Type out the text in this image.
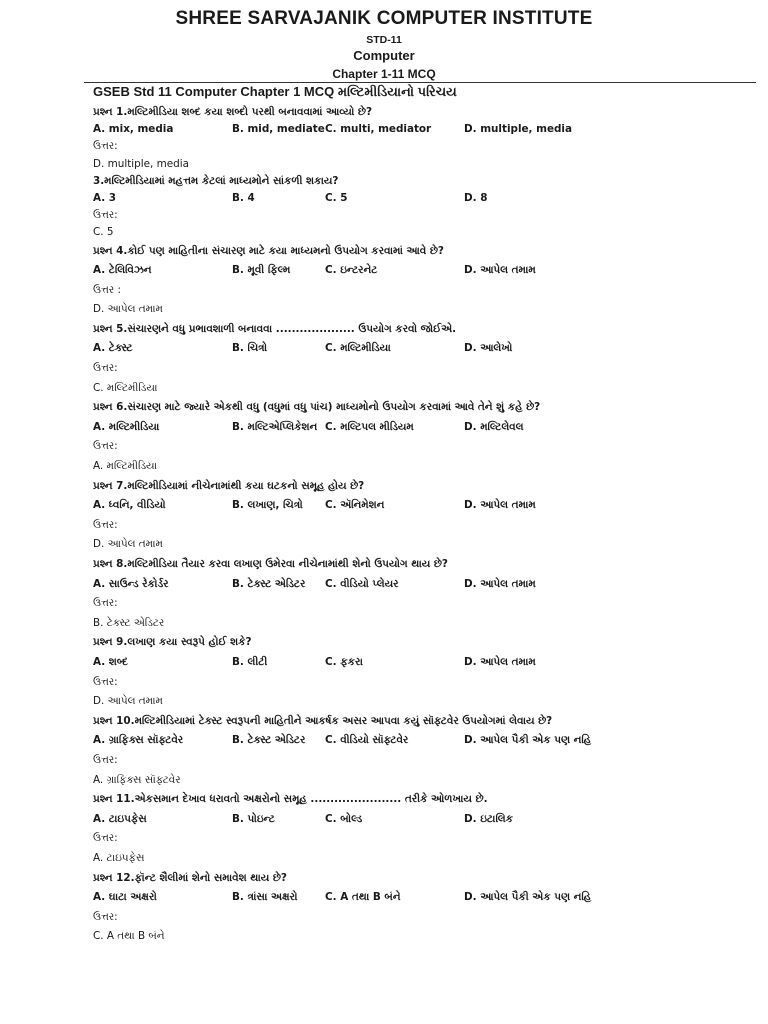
SHREE SARVAJANIK COMPUTER INSTITUTE
STD-11
Computer
Chapter 1-11 MCQ
GSEB Std 11 Computer Chapter 1 MCQ મલ્ટિમીડિયાનો પરિચય
પ્રશ્ન 1.મલ્ટિમીડિયા શબ્દ કયા શબ્દો પરથી બનાવવામાં આવ્યો છે?
A. mix, media	B. mid, mediate C. multi, mediator	D. multiple, media
ઉત્તર:
D. multiple, media
3.મલ્ટિમીડિયામાં મહત્તમ કેટલાં માધ્યમોને સાંકળી શકાય?
A. 3	B. 4	C. 5	D. 8
ઉત્તર:
C. 5
પ્રશ્ન 4.કોઈ પણ માહિતીના સંચારણ માટે કયા માધ્યમનો ઉપયોગ કરવામાં આવે છે?
A. ટેલિવિઝન	B. મૂવી ફિલ્મ	C. ઇન્ટરનેટ	D. આપેલ તમામ
ઉત્તર :
D. આપેલ તમામ
પ્રશ્ન 5.સંચારણને વધુ પ્રભાવશાળી બનાવવા .................... ઉપયોગ કરવો જોઈએ.
A. ટેક્સ્ટ	B. ચિત્રો	C. મલ્ટિમીડિયા	D. આલેખો
ઉત્તર:
C. મલ્ટિમીડિયા
પ્રશ્ન 6.સંચારણ માટે જ્યારે એકથી વધુ (વધુમાં વધુ પાંચ) માધ્યમોનો ઉપયોગ કરવામાં આવે તેને શું કહે છે?
A. મલ્ટિમીડિયા	B. મલ્ટિએપ્લિકેશન C. મલ્ટિપલ મીડિયમ	D. મલ્ટિલેવલ
ઉત્તર:
A. મલ્ટિમીડિયા
પ્રશ્ન 7.મલ્ટિમીડિયામાં નીચેનામાંથી કયા ઘટકનો સમૂહ હોય છે?
A. ધ્વનિ, વીડિયો	B. લખાણ, ચિત્રો C. ઍનિમેશન	D. આપેલ તમામ
ઉત્તર:
D. આપેલ તમામ
પ્રશ્ન 8.મલ્ટિમીડિયા તૈયાર કરવા લખાણ ઉમેરવા નીચેનામાંથી શેનો ઉપયોગ થાય છે?
A. સાઉન્ડ રેકોર્ડર	B. ટેક્સ્ટ એડિટર C. વીડિયો પ્લેયર	D. આપેલ તમામ
ઉત્તર:
B. ટેક્સ્ટ એડિટર
પ્રશ્ન 9.લખાણ કયા સ્વરૂપે હોઈ શકે?
A. શબ્દ	B. લીટી	C. ફકરા	D. આપેલ તમામ
ઉત્તર:
D. આપેલ તમામ
પ્રશ્ન 10.મલ્ટિમીડિયામાં ટેક્સ્ટ સ્વરૂપની માહિતીને આકર્ષક અસર આપવા કયું સૉફ્ટવેર ઉપયોગમાં લેવાય છે?
A. ગ્રાફિક્સ સૉફ્ટવેર	B. ટેક્સ્ટ એડિટર C. વીડિયો સૉફ્ટવેર	D. આપેલ પૈકી એક પણ નહિ
ઉત્તર:
A. ગ્રાફિક્સ સૉફ્ટવેર
પ્રશ્ન 11.એકસમાન દેખાવ ધરાવતો અક્ષરોનો સમૂહ ....................... તરીકે ઓળખાય છે.
A. ટાઇપફેસ	B. પોઇન્ટ	C. બોલ્ડ	D. ઇટાલિક
ઉત્તર:
A. ટાઇપફેસ
પ્રશ્ન 12.ફૉન્ટ શૈલીમાં શેનો સમાવેશ થાય છે?
A. ઘાટા અક્ષરો	B. ત્રાંસા અક્ષરો	C. A તથા B બંને	D. આપેલ પૈકી એક પણ નહિ
ઉત્તર:
C. A તથા B બંને
